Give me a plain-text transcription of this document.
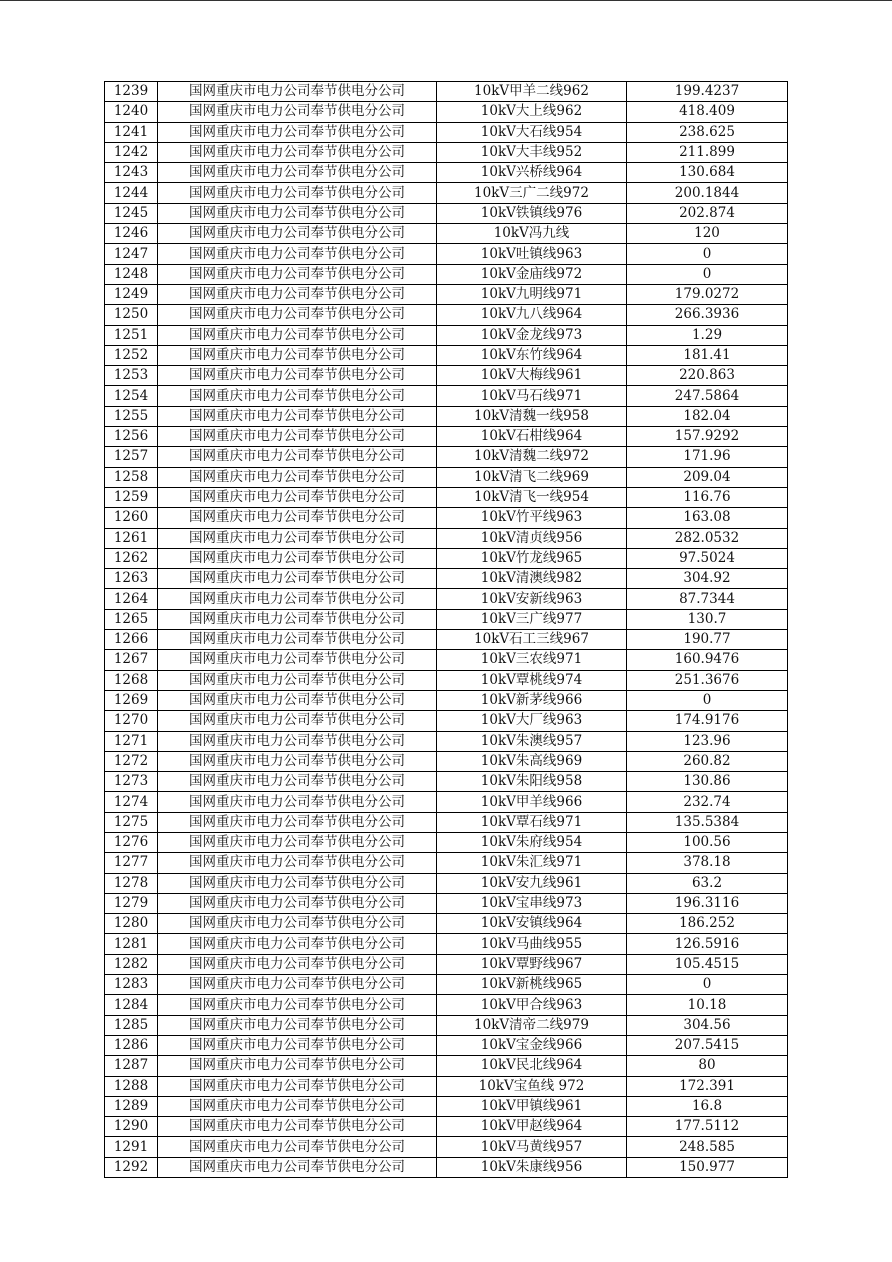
1239	国网重庆市电力公司奉节供电分公司	10kV甲羊二线962	199.4237
1240	国网重庆市电力公司奉节供电分公司	10kV大上线962	418.409
1241	国网重庆市电力公司奉节供电分公司	10kV大石线954	238.625
1242	国网重庆市电力公司奉节供电分公司	10kV大丰线952	211.899
1243	国网重庆市电力公司奉节供电分公司	10kV兴桥线964	130.684
1244	国网重庆市电力公司奉节供电分公司	10kV三广二线972	200.1844
1245	国网重庆市电力公司奉节供电分公司	10kV铁镇线976	202.874
1246	国网重庆市电力公司奉节供电分公司	10kV冯九线	120
1247	国网重庆市电力公司奉节供电分公司	10kV吐镇线963	0
1248	国网重庆市电力公司奉节供电分公司	10kV金庙线972	0
1249	国网重庆市电力公司奉节供电分公司	10kV九明线971	179.0272
1250	国网重庆市电力公司奉节供电分公司	10kV九八线964	266.3936
1251	国网重庆市电力公司奉节供电分公司	10kV金龙线973	1.29
1252	国网重庆市电力公司奉节供电分公司	10kV东竹线964	181.41
1253	国网重庆市电力公司奉节供电分公司	10kV大梅线961	220.863
1254	国网重庆市电力公司奉节供电分公司	10kV马石线971	247.5864
1255	国网重庆市电力公司奉节供电分公司	10kV清魏一线958	182.04
1256	国网重庆市电力公司奉节供电分公司	10kV石柑线964	157.9292
1257	国网重庆市电力公司奉节供电分公司	10kV清魏二线972	171.96
1258	国网重庆市电力公司奉节供电分公司	10kV清飞二线969	209.04
1259	国网重庆市电力公司奉节供电分公司	10kV清飞一线954	116.76
1260	国网重庆市电力公司奉节供电分公司	10kV竹平线963	163.08
1261	国网重庆市电力公司奉节供电分公司	10kV清贞线956	282.0532
1262	国网重庆市电力公司奉节供电分公司	10kV竹龙线965	97.5024
1263	国网重庆市电力公司奉节供电分公司	10kV清澳线982	304.92
1264	国网重庆市电力公司奉节供电分公司	10kV安新线963	87.7344
1265	国网重庆市电力公司奉节供电分公司	10kV三广线977	130.7
1266	国网重庆市电力公司奉节供电分公司	10kV石工三线967	190.77
1267	国网重庆市电力公司奉节供电分公司	10kV三农线971	160.9476
1268	国网重庆市电力公司奉节供电分公司	10kV覃桃线974	251.3676
1269	国网重庆市电力公司奉节供电分公司	10kV新茅线966	0
1270	国网重庆市电力公司奉节供电分公司	10kV大厂线963	174.9176
1271	国网重庆市电力公司奉节供电分公司	10kV朱澳线957	123.96
1272	国网重庆市电力公司奉节供电分公司	10kV朱高线969	260.82
1273	国网重庆市电力公司奉节供电分公司	10kV朱阳线958	130.86
1274	国网重庆市电力公司奉节供电分公司	10kV甲羊线966	232.74
1275	国网重庆市电力公司奉节供电分公司	10kV覃石线971	135.5384
1276	国网重庆市电力公司奉节供电分公司	10kV朱府线954	100.56
1277	国网重庆市电力公司奉节供电分公司	10kV朱汇线971	378.18
1278	国网重庆市电力公司奉节供电分公司	10kV安九线961	63.2
1279	国网重庆市电力公司奉节供电分公司	10kV宝串线973	196.3116
1280	国网重庆市电力公司奉节供电分公司	10kV安镇线964	186.252
1281	国网重庆市电力公司奉节供电分公司	10kV马曲线955	126.5916
1282	国网重庆市电力公司奉节供电分公司	10kV覃野线967	105.4515
1283	国网重庆市电力公司奉节供电分公司	10kV新桃线965	0
1284	国网重庆市电力公司奉节供电分公司	10kV甲合线963	10.18
1285	国网重庆市电力公司奉节供电分公司	10kV清帝二线979	304.56
1286	国网重庆市电力公司奉节供电分公司	10kV宝金线966	207.5415
1287	国网重庆市电力公司奉节供电分公司	10kV民北线964	80
1288	国网重庆市电力公司奉节供电分公司	10kV宝鱼线 972	172.391
1289	国网重庆市电力公司奉节供电分公司	10kV甲镇线961	16.8
1290	国网重庆市电力公司奉节供电分公司	10kV甲赵线964	177.5112
1291	国网重庆市电力公司奉节供电分公司	10kV马黄线957	248.585
1292	国网重庆市电力公司奉节供电分公司	10kV朱康线956	150.977
